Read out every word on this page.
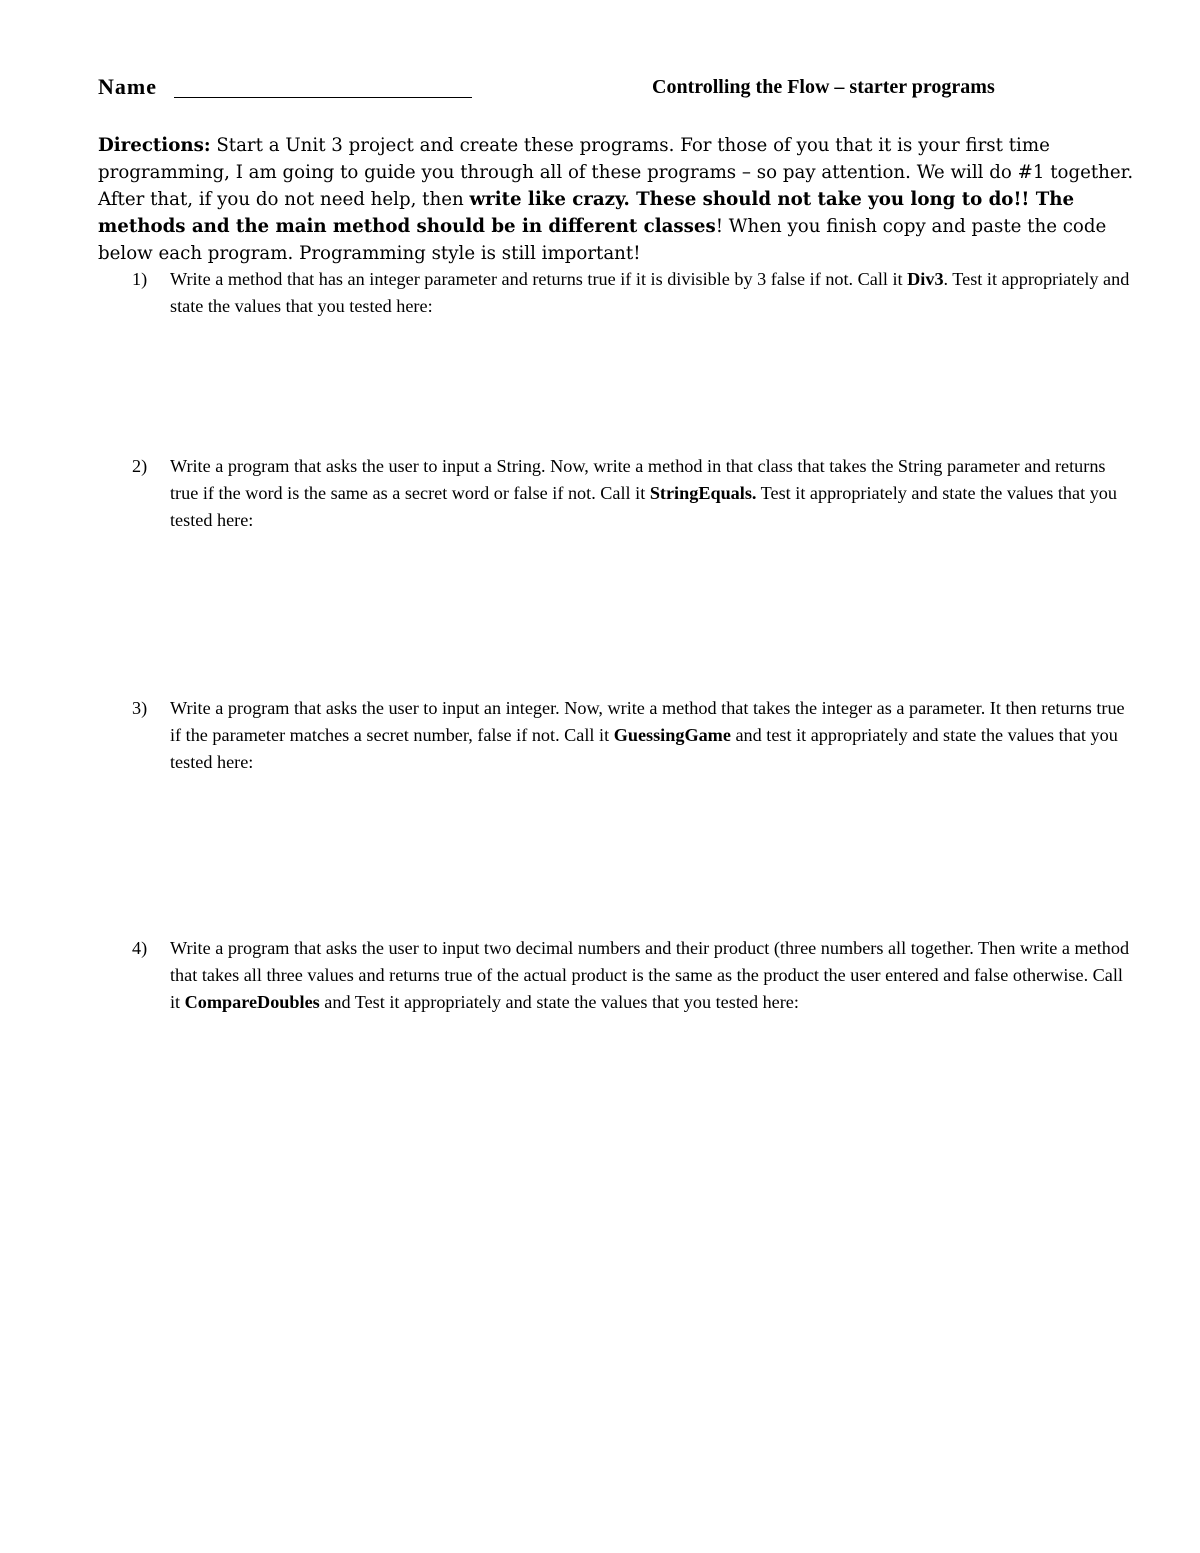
Name	Controlling the Flow – starter programs

Directions: Start a Unit 3 project and create these programs. For those of you that it is your first time programming, I am going to guide you through all of these programs – so pay attention. We will do #1 together. After that, if you do not need help, then write like crazy. These should not take you long to do!! The methods and the main method should be in different classes! When you finish copy and paste the code below each program. Programming style is still important!

1) Write a method that has an integer parameter and returns true if it is divisible by 3 false if not. Call it Div3. Test it appropriately and state the values that you tested here:
2) Write a program that asks the user to input a String. Now, write a method in that class that takes the String parameter and returns true if the word is the same as a secret word or false if not. Call it StringEquals. Test it appropriately and state the values that you tested here:
3) Write a program that asks the user to input an integer. Now, write a method that takes the integer as a parameter. It then returns true if the parameter matches a secret number, false if not. Call it GuessingGame and test it appropriately and state the values that you tested here:
4) Write a program that asks the user to input two decimal numbers and their product (three numbers all together. Then write a method that takes all three values and returns true of the actual product is the same as the product the user entered and false otherwise. Call it CompareDoubles and Test it appropriately and state the values that you tested here:
